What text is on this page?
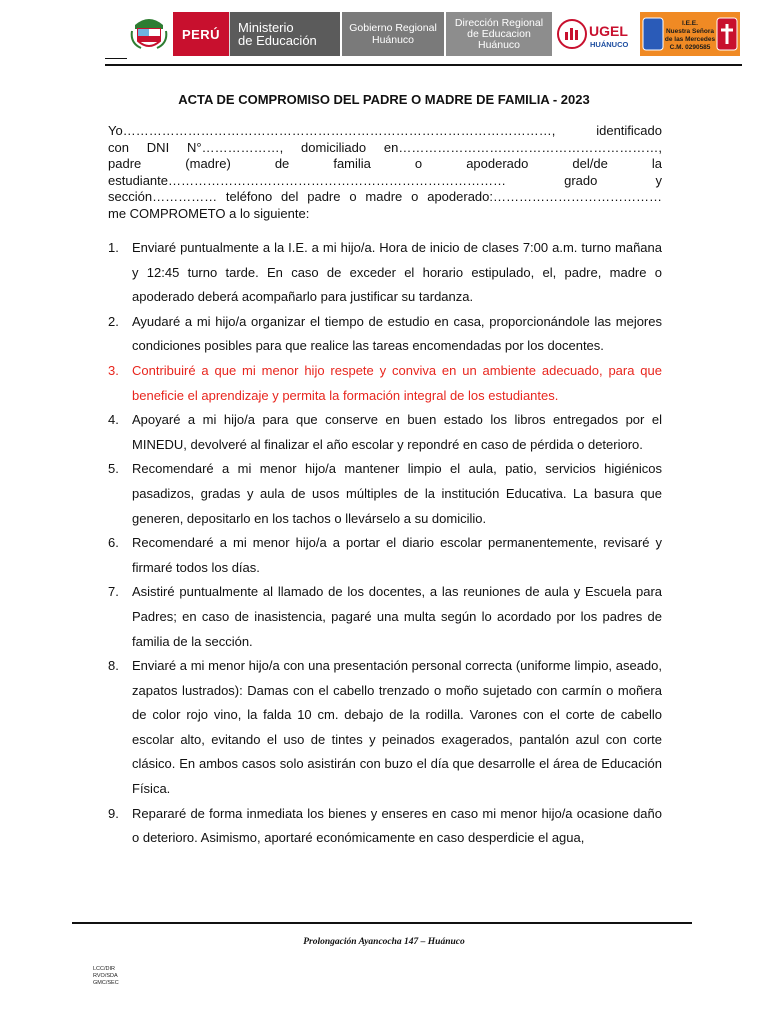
PERÚ	Ministerio
de Educación
Gobierno Regional
Huánuco
Dirección Regional
de Educacion
Huánuco
UGEL
HUÁNUCO
I.E.E.
Nuestra Señora
de las Mercedes
C.M. 0290585
ACTA DE COMPROMISO DEL PADRE O MADRE DE FAMILIA - 2023
Yo………………………………………………………………………………………, identificado
con DNI N°………………, domiciliado en……………………………………………………,
padre (madre) de familia o apoderado del/de la
estudiante…………………………………………………………………… grado y
sección…………… teléfono del padre o madre o apoderado:…………………………………
me COMPROMETO a lo siguiente:
1.	Enviaré puntualmente a la I.E. a mi hijo/a. Hora de inicio de clases 7:00 a.m. turno mañana y 12:45 turno tarde. En caso de exceder el horario estipulado, el, padre, madre o apoderado deberá acompañarlo para justificar su tardanza.
2.	Ayudaré a mi hijo/a organizar el tiempo de estudio en casa, proporcionándole las mejores condiciones posibles para que realice las tareas encomendadas por los docentes.
3.	Contribuiré a que mi menor hijo respete y conviva en un ambiente adecuado, para que beneficie el aprendizaje y permita la formación integral de los estudiantes.
4.	Apoyaré a mi hijo/a para que conserve en buen estado los libros entregados por el MINEDU, devolveré al finalizar el año escolar y repondré en caso de pérdida o deterioro.
5.	Recomendaré a mi menor hijo/a mantener limpio el aula, patio, servicios higiénicos pasadizos, gradas y aula de usos múltiples de la institución Educativa. La basura que generen, depositarlo en los tachos o llevárselo a su domicilio.
6.	Recomendaré a mi menor hijo/a a portar el diario escolar permanentemente, revisaré y firmaré todos los días.
7.	Asistiré puntualmente al llamado de los docentes, a las reuniones de aula y Escuela para Padres; en caso de inasistencia, pagaré una multa según lo acordado por los padres de familia de la sección.
8.	Enviaré a mi menor hijo/a con una presentación personal correcta (uniforme limpio, aseado, zapatos lustrados): Damas con el cabello trenzado o moño sujetado con carmín o moñera de color rojo vino, la falda 10 cm. debajo de la rodilla. Varones con el corte de cabello escolar alto, evitando el uso de tintes y peinados exagerados, pantalón azul con corte clásico. En ambos casos solo asistirán con buzo el día que desarrolle el área de Educación Física.
9.	Repararé de forma inmediata los bienes y enseres en caso mi menor hijo/a ocasione daño o deterioro. Asimismo, aportaré económicamente en caso desperdicie el agua,
Prolongación Ayancocha 147 – Huánuco
LCC/DIR
RVO/SDA
GMC/SEC
